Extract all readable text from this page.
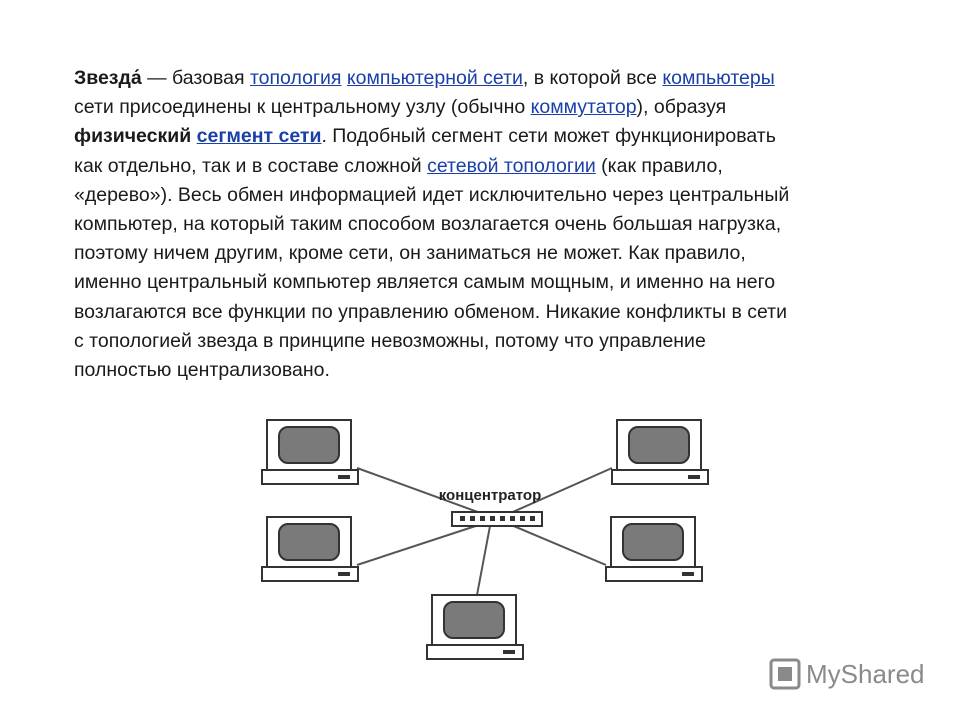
Звезда́ — базовая топология компьютерной сети, в которой все компьютеры
сети присоединены к центральному узлу (обычно коммутатор), образуя
физический сегмент сети. Подобный сегмент сети может функционировать
как отдельно, так и в составе сложной сетевой топологии (как правило,
«дерево»). Весь обмен информацией идет исключительно через центральный
компьютер, на который таким способом возлагается очень большая нагрузка,
поэтому ничем другим, кроме сети, он заниматься не может. Как правило,
именно центральный компьютер является самым мощным, и именно на него
возлагаются все функции по управлению обменом. Никакие конфликты в сети
с топологией звезда в принципе невозможны, потому что управление
полностью централизовано.
концентратор
MyShared
